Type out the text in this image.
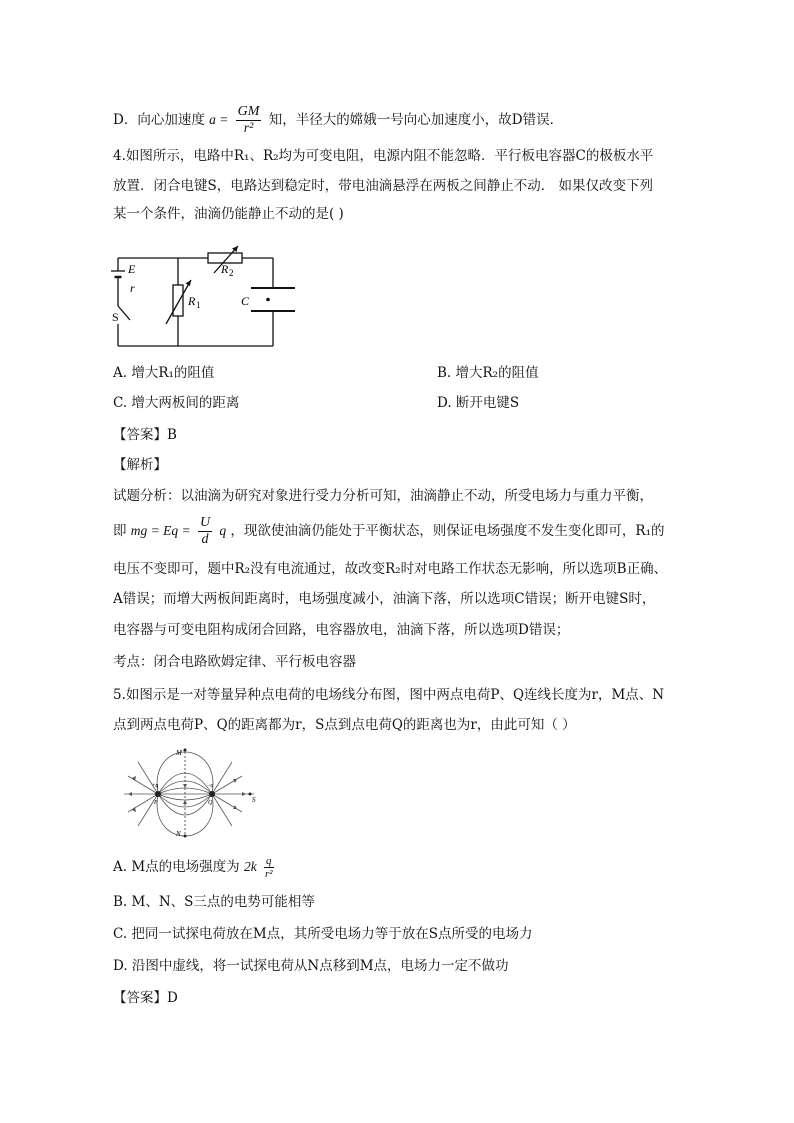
D．向心加速度 $a = \frac{GM}{\text{r²}}$ 知，半径大的嫦娥一号向心加速度小，故D错误．
4.如图所示，电路中R₁、R₂均为可变电阻，电源内阻不能忽略．平行板电容器C的极板水平
放置．闭合电键S，电路达到稳定时，带电油滴悬浮在两板之间静止不动． 如果仅改变下列
某一个条件，油滴仍能静止不动的是( )
E
r
S
R 1
R 2
C
A. 增大R₁的阻值	B. 增大R₂的阻值
C. 增大两板间的距离	D. 断开电键S
【答案】B
【解析】
试题分析：以油滴为研究对象进行受力分析可知，油滴静止不动，所受电场力与重力平衡，
即 mg = $Eq = \frac{U}{d}$ q ，现欲使油滴仍能处于平衡状态，则保证电场强度不发生变化即可，R₁的
电压不变即可，题中R₂没有电流通过，故改变R₂时对电路工作状态无影响，所以选项B正确、
A错误；而增大两板间距离时，电场强度减小，油滴下落，所以选项C错误；断开电键S时，
电容器与可变电阻构成闭合回路，电容器放电，油滴下落，所以选项D错误；
考点：闭合电路欧姆定律、平行板电容器
5.如图示是一对等量异种点电荷的电场线分布图，图中两点电荷P、Q连线长度为r，M点、N
点到两点电荷P、Q的距离都为r，S点到点电荷Q的距离也为r，由此可知（ ）
M
N
S
+q	−q
P	Q
A. M点的电场强度为 $2k \frac{q}{\text{r²}}$
B. M、N、S三点的电势可能相等
C. 把同一试探电荷放在M点，其所受电场力等于放在S点所受的电场力
D. 沿图中虚线，将一试探电荷从N点移到M点，电场力一定不做功
【答案】D
